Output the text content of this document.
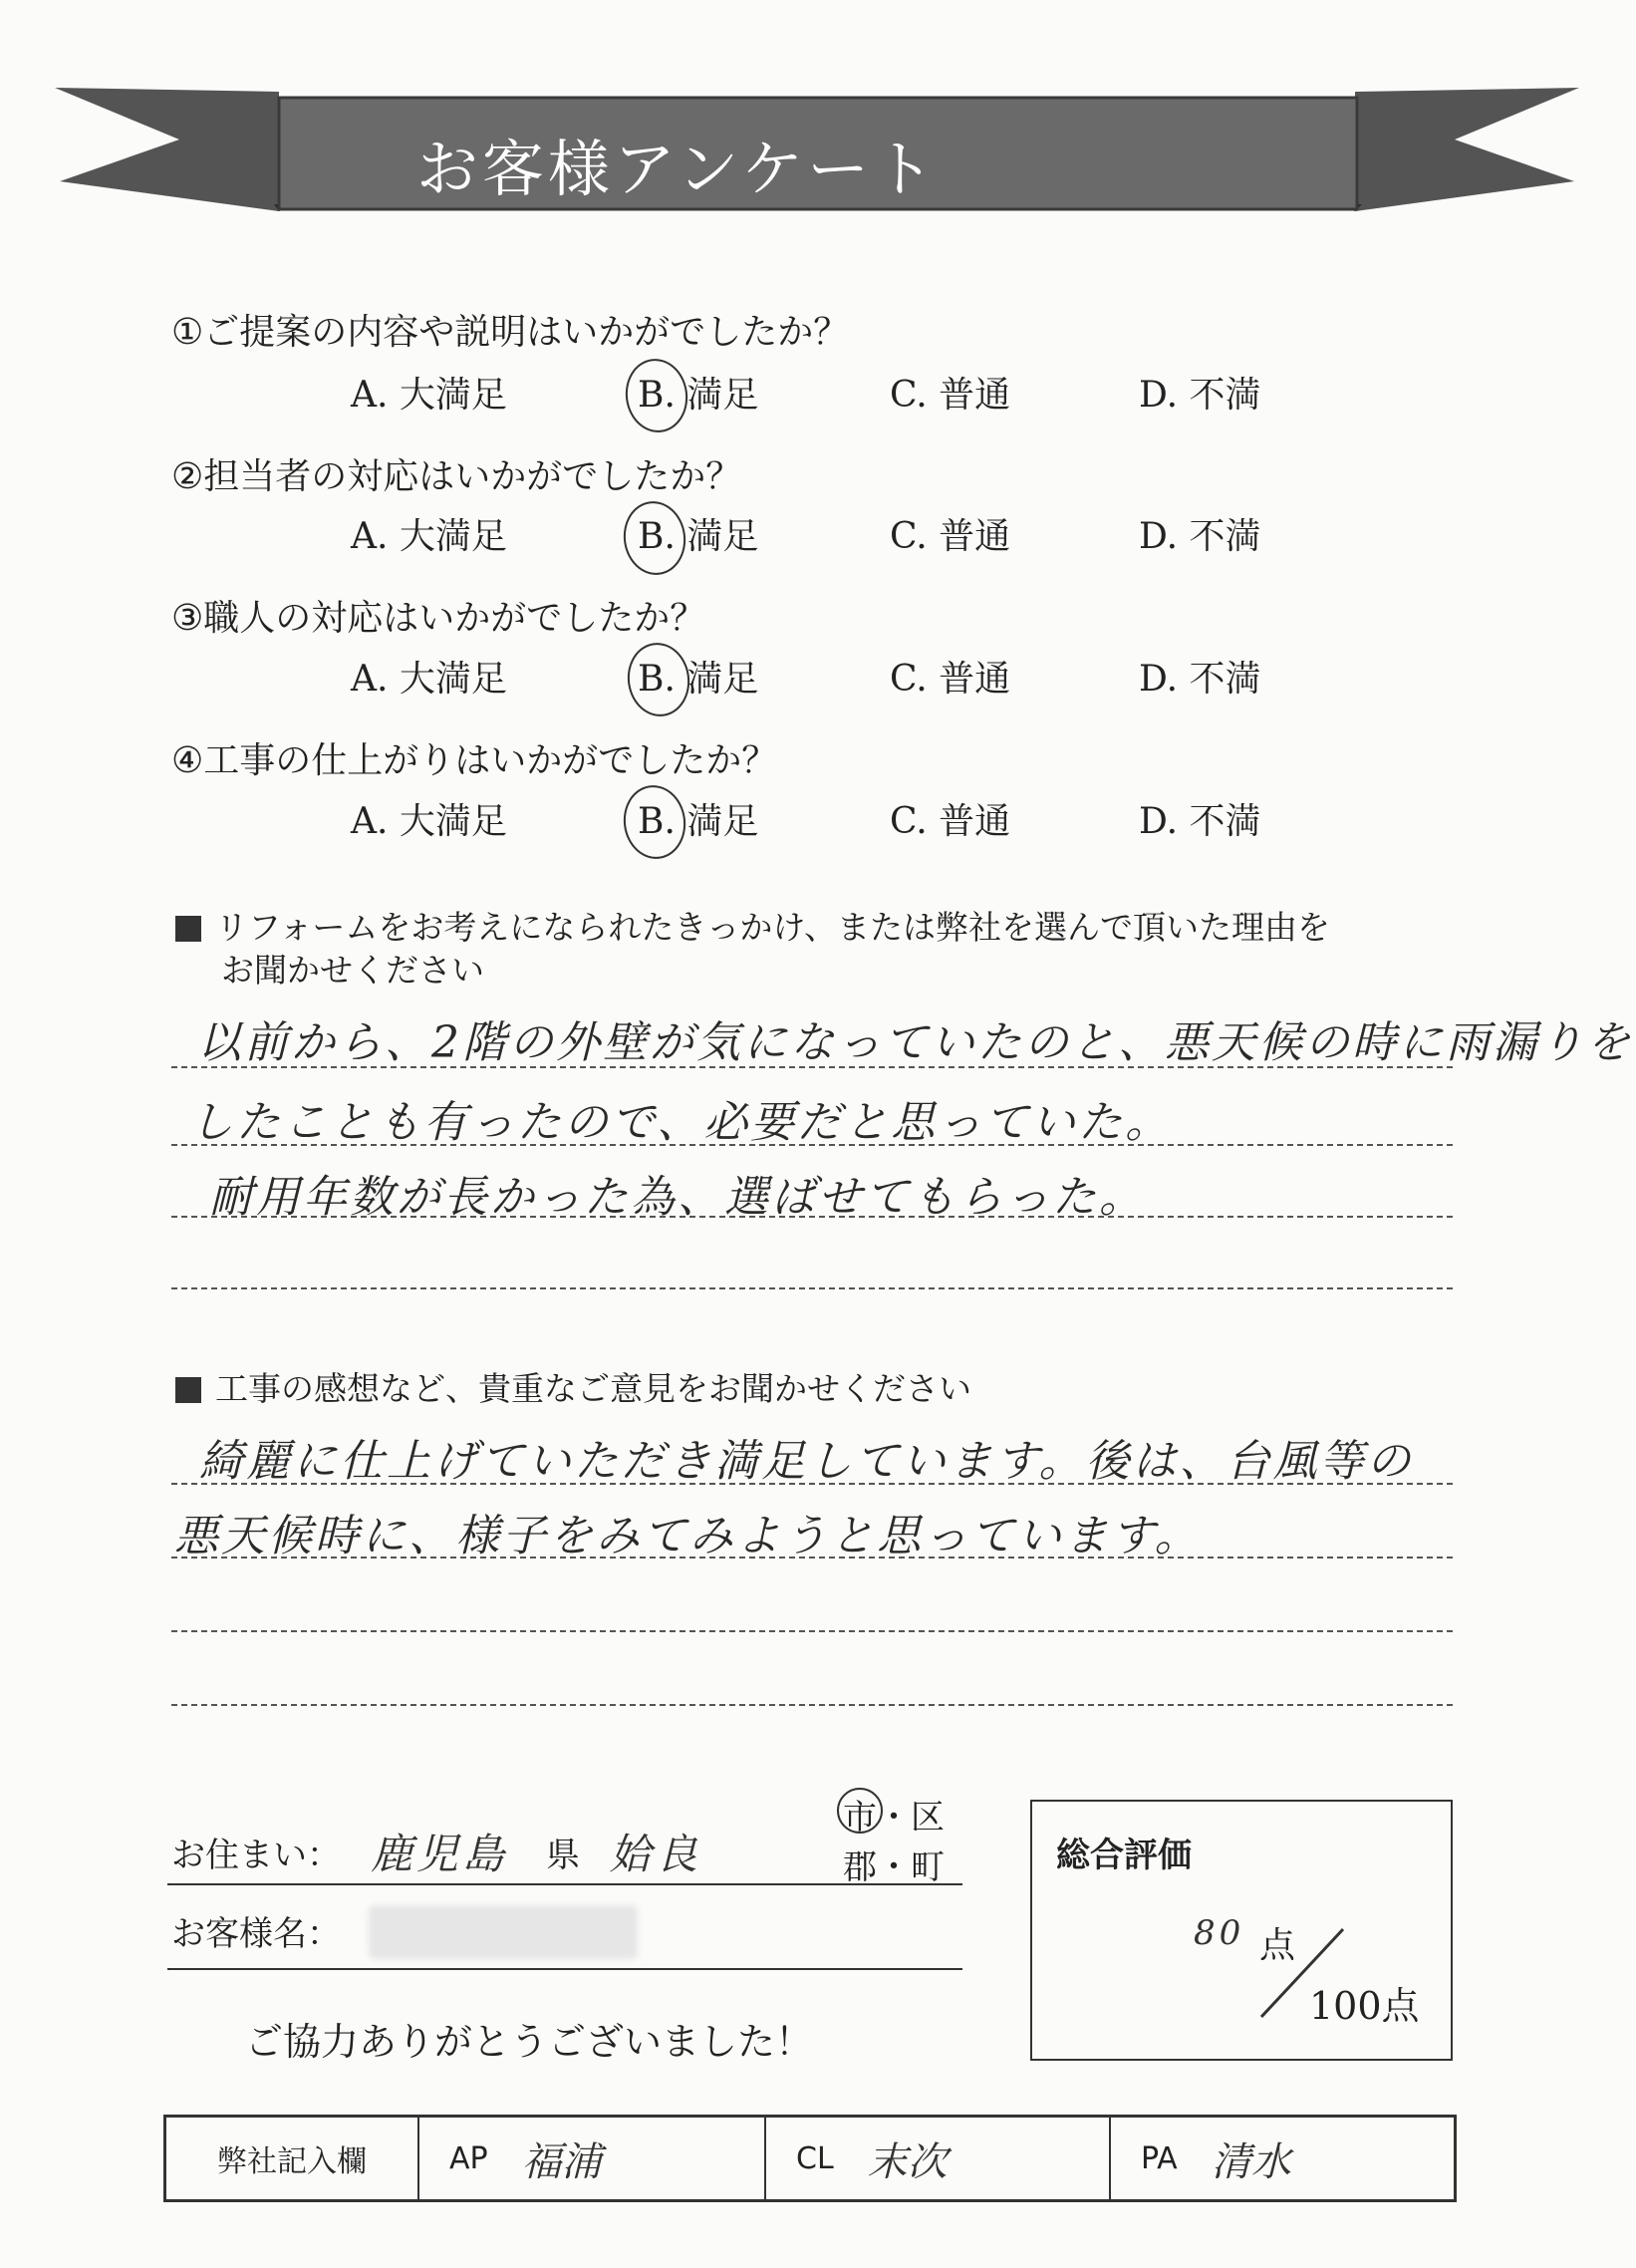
お客様アンケート
①ご提案の内容や説明はいかがでしたか？
A. 大満足	B. 満足	C. 普通	D. 不満
②担当者の対応はいかがでしたか？
A. 大満足	B. 満足	C. 普通	D. 不満
③職人の対応はいかがでしたか？
A. 大満足	B. 満足	C. 普通	D. 不満
④工事の仕上がりはいかがでしたか？
A. 大満足	B. 満足	C. 普通	D. 不満
リフォームをお考えになられたきっかけ、または弊社を選んで頂いた理由を
お聞かせください
以前から、2階の外壁が気になっていたのと、悪天候の時に雨漏りを
したことも有ったので、必要だと思っていた。
耐用年数が長かった為、選ばせてもらった。
工事の感想など、貴重なご意見をお聞かせください
綺麗に仕上げていただき満足しています。後は、台風等の
悪天候時に、様子をみてみようと思っています。
お住まい： 鹿児島 県 姶良
市・区
郡・町
お客様名：
ご協力ありがとうございました！
総合評価
80 点
100点
弊社記入欄	AP 福浦	CL 末次	PA 清水
